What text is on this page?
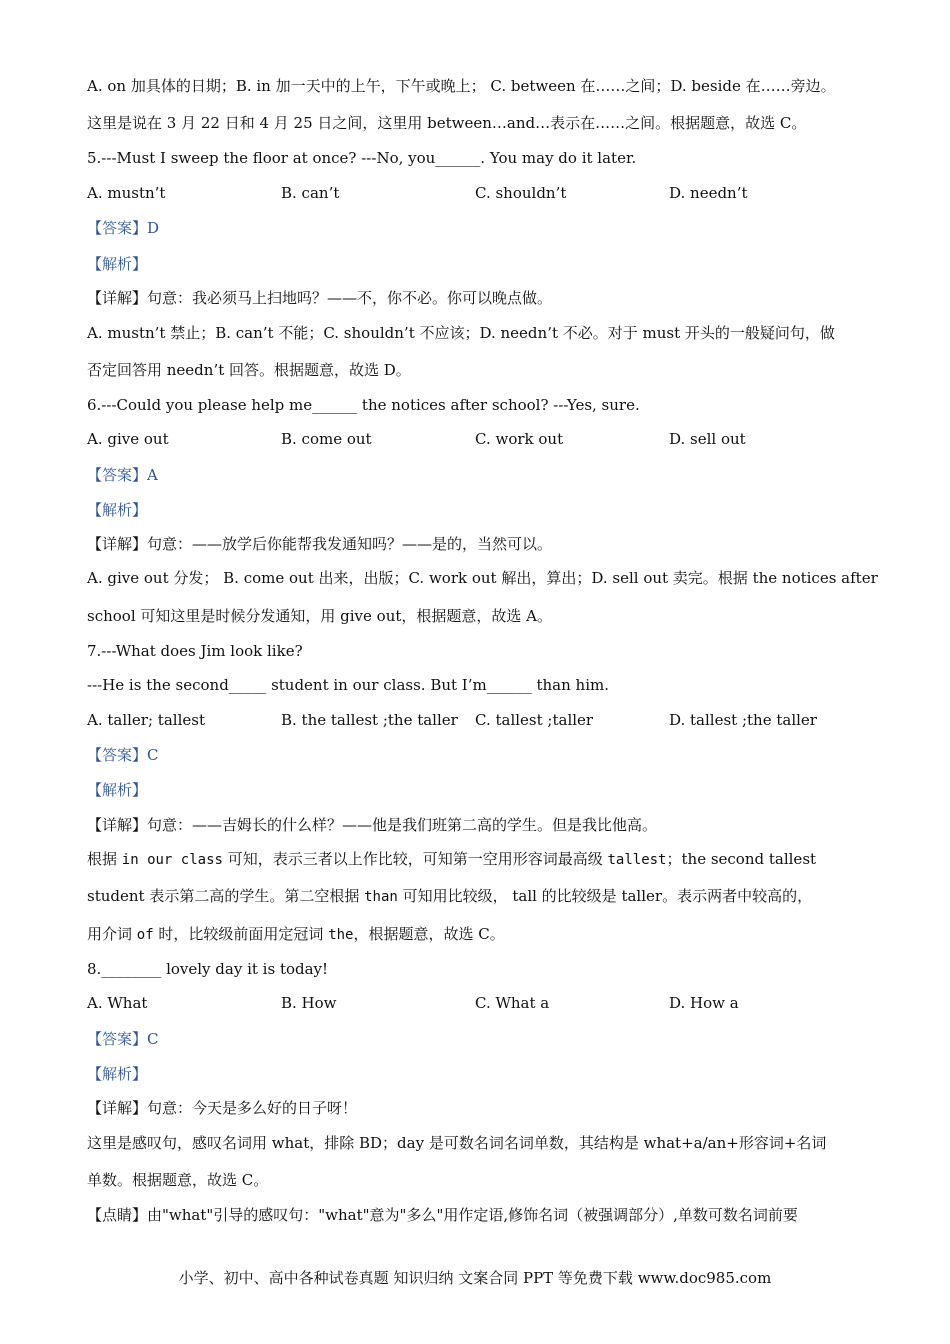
A. on 加具体的日期；B. in 加一天中的上午，下午或晚上； C. between 在……之间；D. beside 在……旁边。
这里是说在 3 月 22 日和 4 月 25 日之间，这里用 between…and…表示在……之间。根据题意，故选 C。
5.---Must I sweep the floor at once? ---No, you______. You may do it later.
A. mustn’t	B. can’t	C. shouldn’t	D. needn’t
【答案】D
【解析】
【详解】句意：我必须马上扫地吗？——不，你不必。你可以晚点做。
A. mustn’t 禁止；B. can’t 不能；C. shouldn’t 不应该；D. needn’t 不必。对于 must 开头的一般疑问句，做
否定回答用 needn’t 回答。根据题意，故选 D。
6.---Could you please help me______ the notices after school? ---Yes, sure.
A. give out	B. come out	C. work out	D. sell out
【答案】A
【解析】
【详解】句意：——放学后你能帮我发通知吗？——是的，当然可以。
A. give out 分发； B. come out 出来，出版；C. work out 解出，算出；D. sell out 卖完。根据 the notices after
school 可知这里是时候分发通知，用 give out，根据题意，故选 A。
7.---What does Jim look like?
---He is the second_____ student in our class. But I’m______ than him.
A. taller; tallest	B. the tallest ;the taller C. tallest ;taller	D. tallest ;the taller
【答案】C
【解析】
【详解】句意：——吉姆长的什么样？——他是我们班第二高的学生。但是我比他高。
根据 in our class 可知，表示三者以上作比较，可知第一空用形容词最高级 tallest；the second tallest
student 表示第二高的学生。第二空根据 than 可知用比较级， tall 的比较级是 taller。表示两者中较高的，
用介词 of 时，比较级前面用定冠词 the，根据题意，故选 C。
8.________ lovely day it is today!
A. What	B. How	C. What a	D. How a
【答案】C
【解析】
【详解】句意：今天是多么好的日子呀！
这里是感叹句，感叹名词用 what，排除 BD；day 是可数名词名词单数，其结构是 what+a/an+形容词+名词
单数。根据题意，故选 C。
【点睛】由"what"引导的感叹句："what"意为"多么"用作定语,修饰名词（被强调部分）,单数可数名词前要
小学、初中、高中各种试卷真题 知识归纳 文案合同 PPT 等免费下载 www.doc985.com
